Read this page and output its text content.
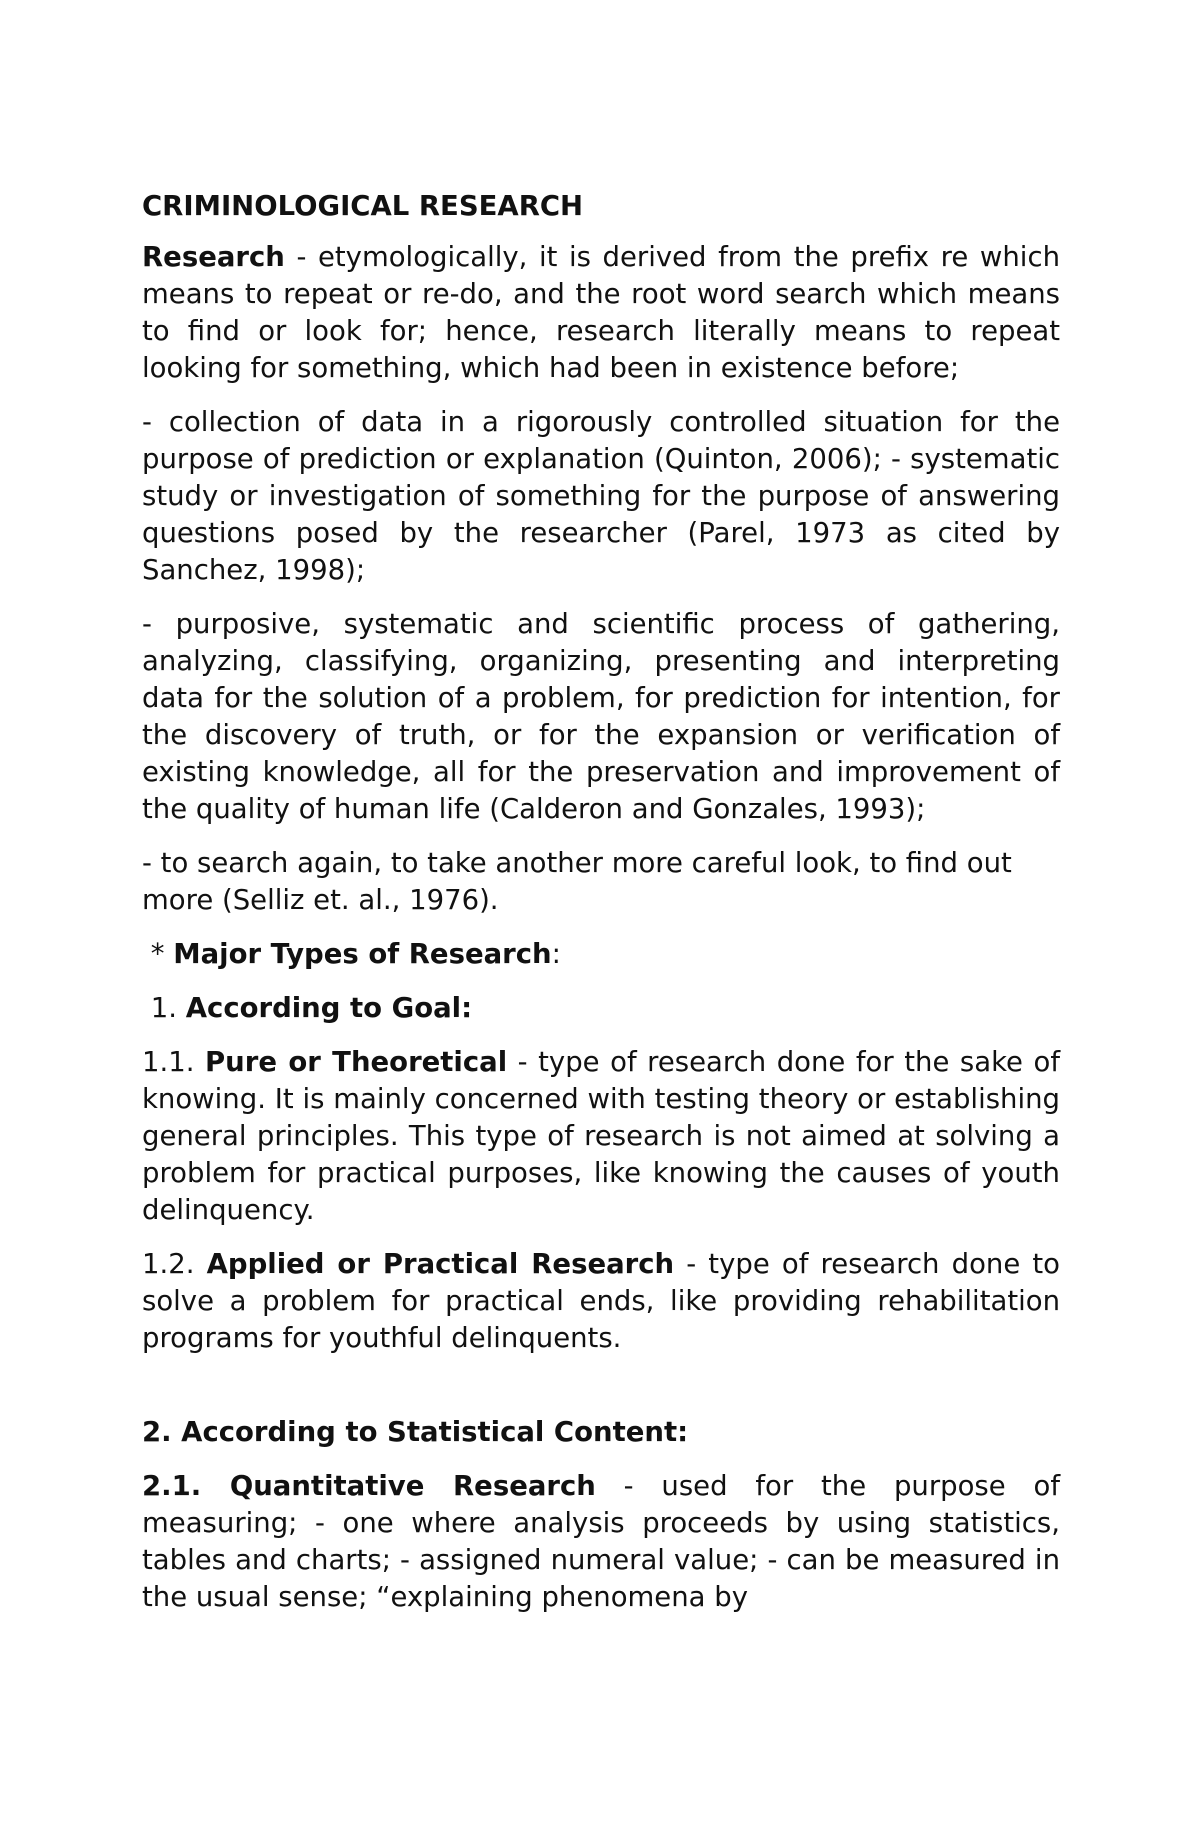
CRIMINOLOGICAL RESEARCH

Research - etymologically, it is derived from the prefix re which means to repeat or re-do, and the root word search which means to find or look for; hence, research literally means to repeat looking for something, which had been in existence before;

- collection of data in a rigorously controlled situation for the purpose of prediction or explanation (Quinton, 2006); - systematic study or investigation of something for the purpose of answering questions posed by the researcher (Parel, 1973 as cited by Sanchez, 1998);

- purposive, systematic and scientific process of gathering, analyzing, classifying, organizing, presenting and interpreting data for the solution of a problem, for prediction for intention, for the discovery of truth, or for the expansion or verification of existing knowledge, all for the preservation and improvement of the quality of human life (Calderon and Gonzales, 1993);

- to search again, to take another more careful look, to find out more (Selliz et. al., 1976).

* Major Types of Research:

1. According to Goal:

1.1. Pure or Theoretical - type of research done for the sake of knowing. It is mainly concerned with testing theory or establishing general principles. This type of research is not aimed at solving a problem for practical purposes, like knowing the causes of youth delinquency.

1.2. Applied or Practical Research - type of research done to solve a problem for practical ends, like providing rehabilitation programs for youthful delinquents.

2. According to Statistical Content:

2.1. Quantitative Research - used for the purpose of measuring; - one where analysis proceeds by using statistics, tables and charts; - assigned numeral value; - can be measured in the usual sense; “explaining phenomena by
